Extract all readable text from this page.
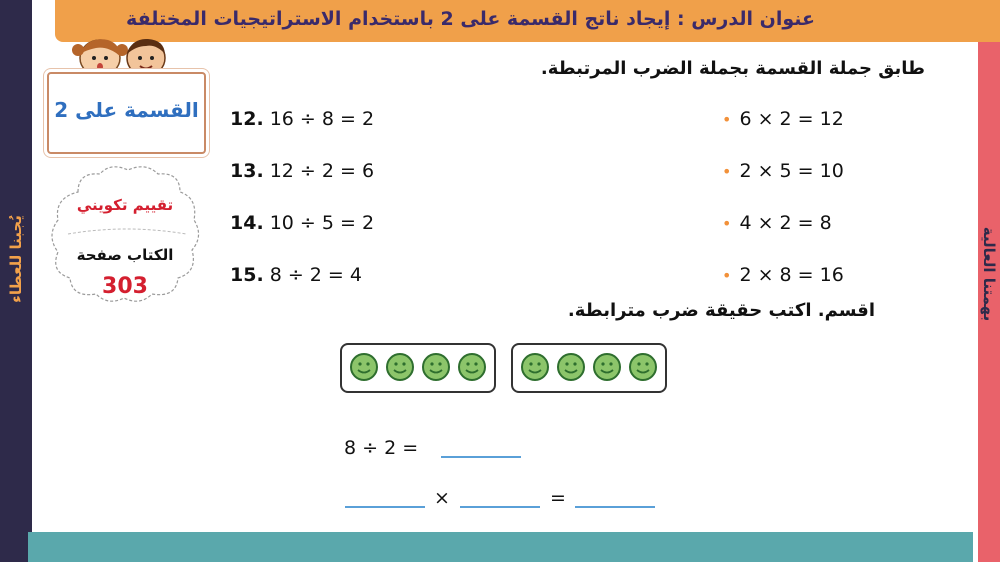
يُجبنا للعطاء	بهمتنا العالية
عنوان الدرس : إيجاد ناتج القسمة على 2 باستخدام الاستراتيجيات المختلفة
القسمة على 2
تقييم تكويني
الكتاب صفحة
303
طابق جملة القسمة بجملة الضرب المرتبطة.
12. 16 ÷ 8 = 2
13. 12 ÷ 2 = 6
14. 10 ÷ 5 = 2
15. 8 ÷ 2 = 4
• 6 × 2 = 12
• 2 × 5 = 10
• 4 × 2 = 8
• 2 × 8 = 16
اقسم. اكتب حقيقة ضرب مترابطة.
8 ÷ 2 =
×	=
